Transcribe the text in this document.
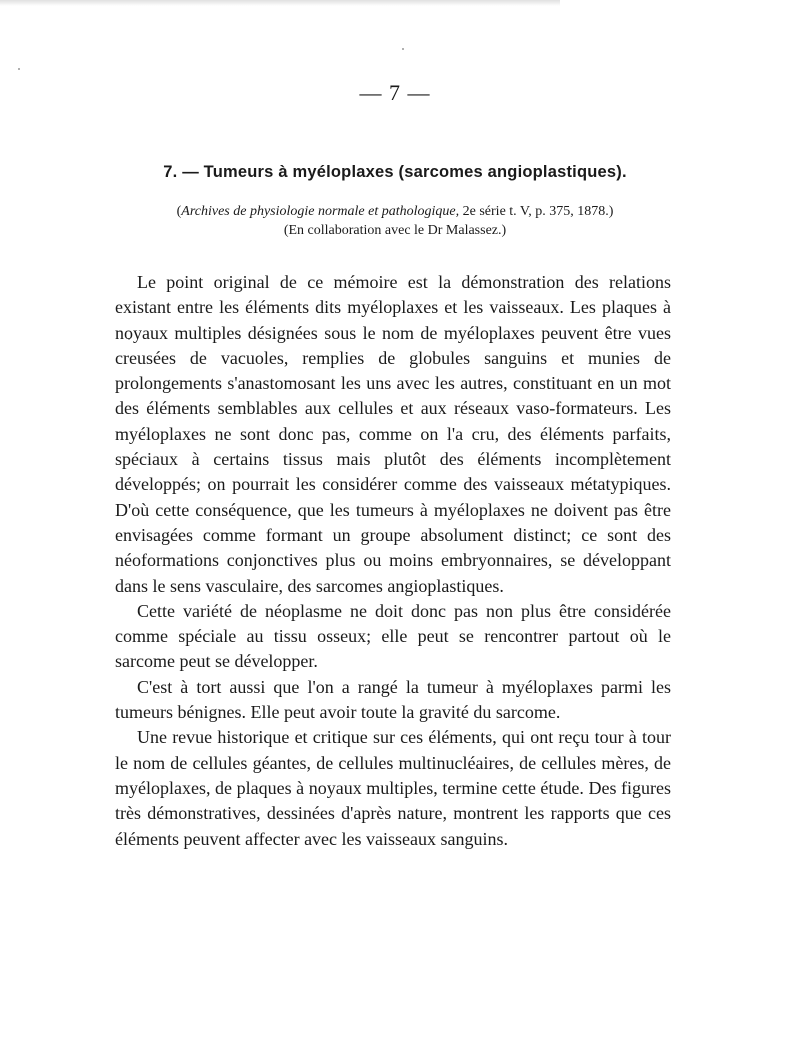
— 7 —
7. — Tumeurs à myéloplaxes (sarcomes angioplastiques).
(Archives de physiologie normale et pathologique, 2e série t. V, p. 375, 1878.)
(En collaboration avec le Dr Malassez.)

Le point original de ce mémoire est la démonstration des relations existant entre les éléments dits myéloplaxes et les vaisseaux. Les plaques à noyaux multiples désignées sous le nom de myéloplaxes peuvent être vues creusées de vacuoles, remplies de globules sanguins et munies de prolongements s'anastomosant les uns avec les autres, constituant en un mot des éléments semblables aux cellules et aux réseaux vaso-formateurs. Les myéloplaxes ne sont donc pas, comme on l'a cru, des éléments parfaits, spéciaux à certains tissus mais plutôt des éléments incomplètement développés; on pourrait les considérer comme des vaisseaux métatypiques. D'où cette conséquence, que les tumeurs à myéloplaxes ne doivent pas être envisagées comme formant un groupe absolument distinct; ce sont des néoformations conjonctives plus ou moins embryonnaires, se développant dans le sens vasculaire, des sarcomes angioplastiques.

Cette variété de néoplasme ne doit donc pas non plus être considérée comme spéciale au tissu osseux; elle peut se rencontrer partout où le sarcome peut se développer.

C'est à tort aussi que l'on a rangé la tumeur à myéloplaxes parmi les tumeurs bénignes. Elle peut avoir toute la gravité du sarcome.

Une revue historique et critique sur ces éléments, qui ont reçu tour à tour le nom de cellules géantes, de cellules multinucléaires, de cellules mères, de myéloplaxes, de plaques à noyaux multiples, termine cette étude. Des figures très démonstratives, dessinées d'après nature, montrent les rapports que ces éléments peuvent affecter avec les vaisseaux sanguins.
